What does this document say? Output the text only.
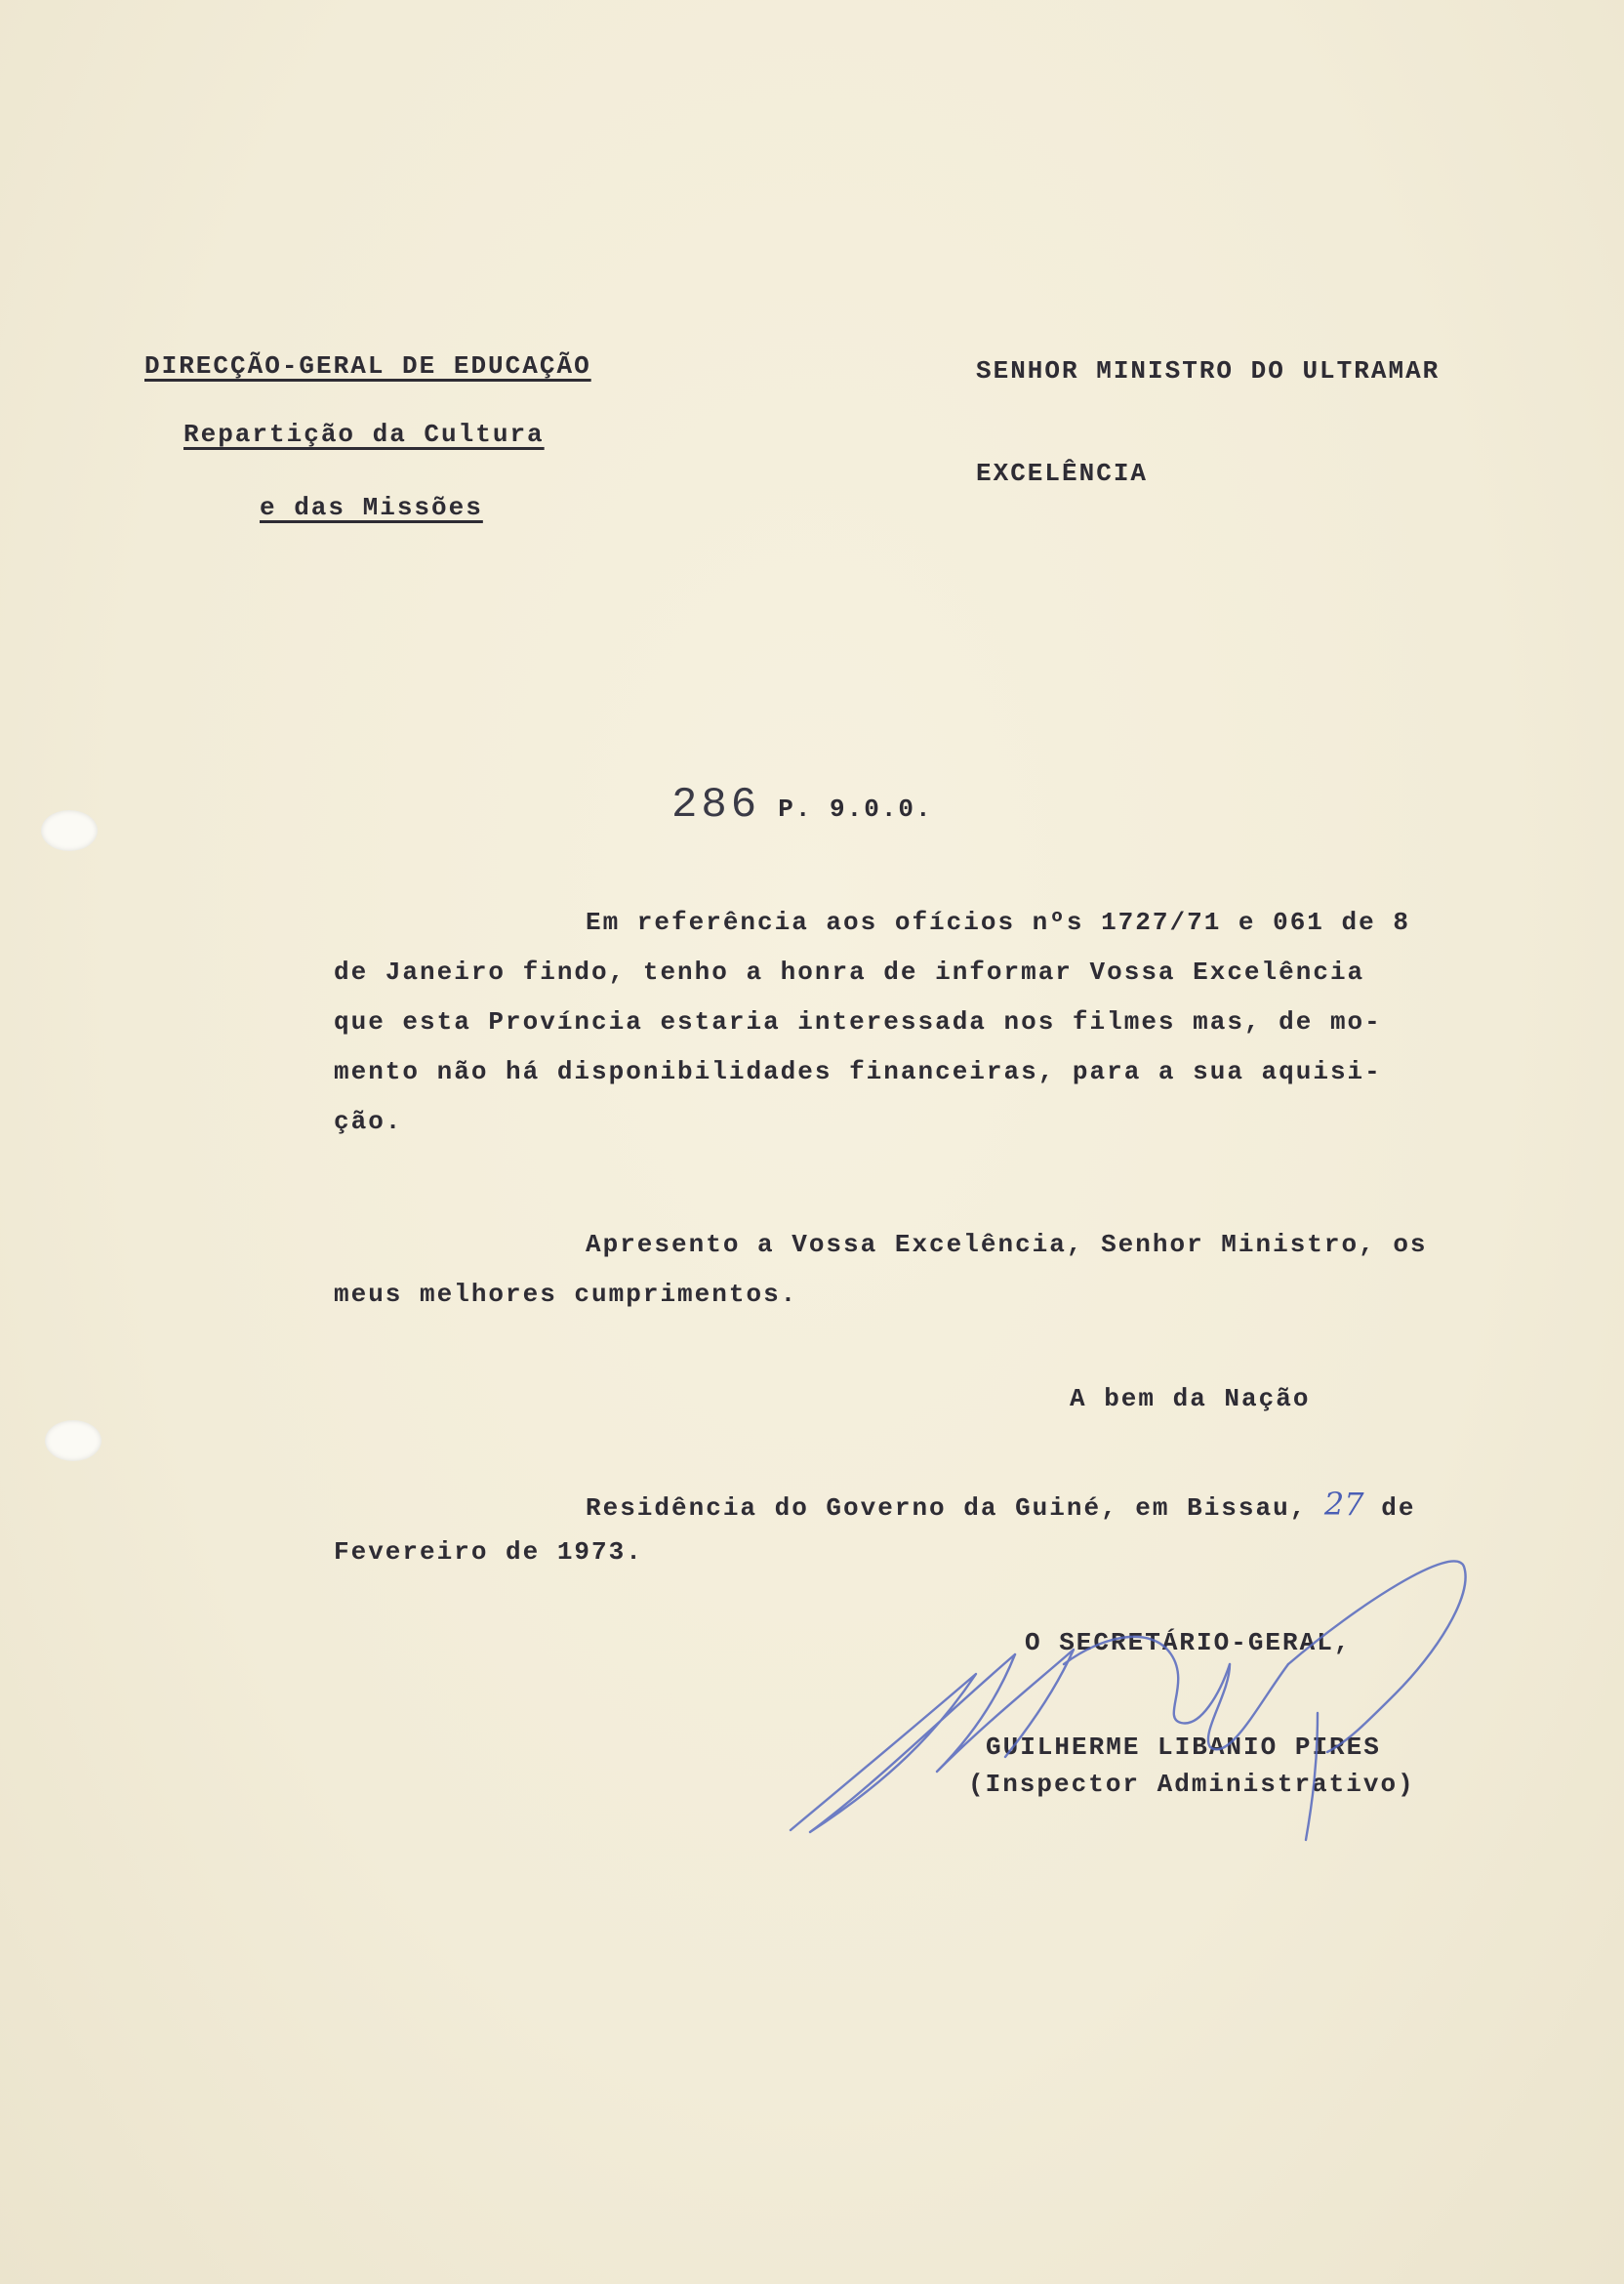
DIRECÇÃO-GERAL DE EDUCAÇÃO
Repartição da Cultura
e das Missões
SENHOR MINISTRO DO ULTRAMAR
EXCELÊNCIA
286 P. 9.0.0.
Em referência aos ofícios nºs 1727/71 e 061 de 8
de Janeiro findo, tenho a honra de informar Vossa Excelência
que esta Província estaria interessada nos filmes mas, de mo-
mento não há disponibilidades financeiras, para a sua aquisi-
ção.
Apresento a Vossa Excelência, Senhor Ministro, os
meus melhores cumprimentos.
A bem da Nação
Residência do Governo da Guiné, em Bissau, 27 de
Fevereiro de 1973.
O SECRETÁRIO-GERAL,
GUILHERME LIBANIO PIRES
(Inspector Administrativo)
